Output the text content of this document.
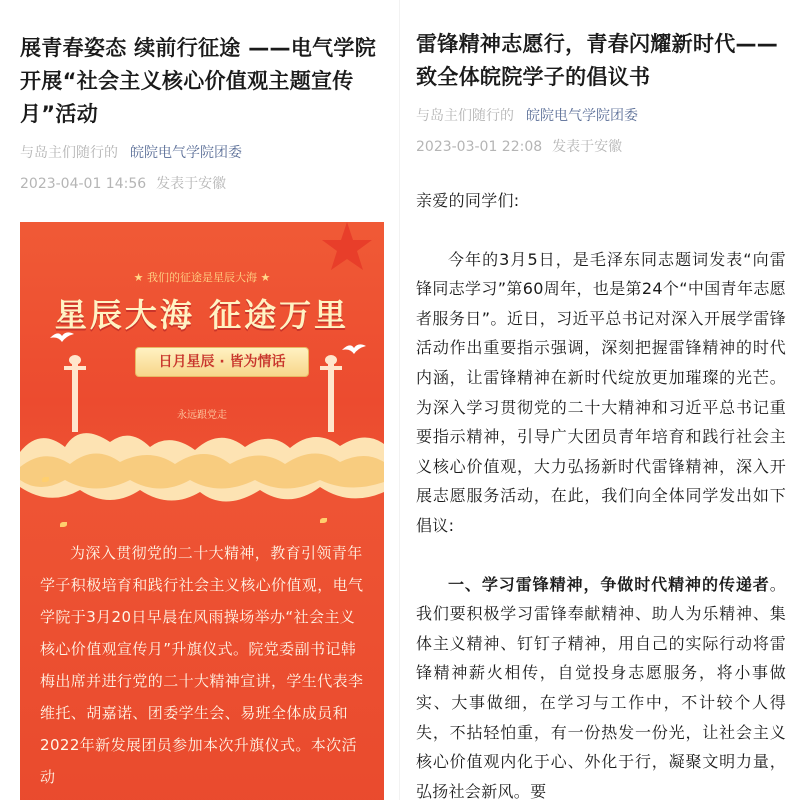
展青春姿态 续前行征途 ——电气学院开展“社会主义核心价值观主题宣传月”活动
与岛主们随行的 皖院电气学院团委
2023-04-01 14:56 发表于安徽
★ 我们的征途是星辰大海 ★
星辰大海 征途万里
日月星辰 · 皆为情话
永远跟党走

为深入贯彻党的二十大精神，教育引领青年学子积极培育和践行社会主义核心价值观，电气学院于3月20日早晨在风雨操场举办“社会主义核心价值观宣传月”升旗仪式。院党委副书记韩梅出席并进行党的二十大精神宣讲，学生代表李维托、胡嘉诺、团委学生会、易班全体成员和2022年新发展团员参加本次升旗仪式。本次活动

雷锋精神志愿行，青春闪耀新时代——致全体皖院学子的倡议书
与岛主们随行的 皖院电气学院团委
2023-03-01 22:08 发表于安徽

亲爱的同学们:

今年的3月5日，是毛泽东同志题词发表“向雷锋同志学习”第60周年，也是第24个“中国青年志愿者服务日”。近日，习近平总书记对深入开展学雷锋活动作出重要指示强调，深刻把握雷锋精神的时代内涵，让雷锋精神在新时代绽放更加璀璨的光芒。为深入学习贯彻党的二十大精神和习近平总书记重要指示精神，引导广大团员青年培育和践行社会主义核心价值观，大力弘扬新时代雷锋精神，深入开展志愿服务活动，在此，我们向全体同学发出如下倡议:

一、学习雷锋精神，争做时代精神的传递者。我们要积极学习雷锋奉献精神、助人为乐精神、集体主义精神、钉钉子精神，用自己的实际行动将雷锋精神薪火相传，自觉投身志愿服务，将小事做实、大事做细，在学习与工作中，不计较个人得失，不拈轻怕重，有一份热发一份光，让社会主义核心价值观内化于心、外化于行，凝聚文明力量，弘扬社会新风。要
